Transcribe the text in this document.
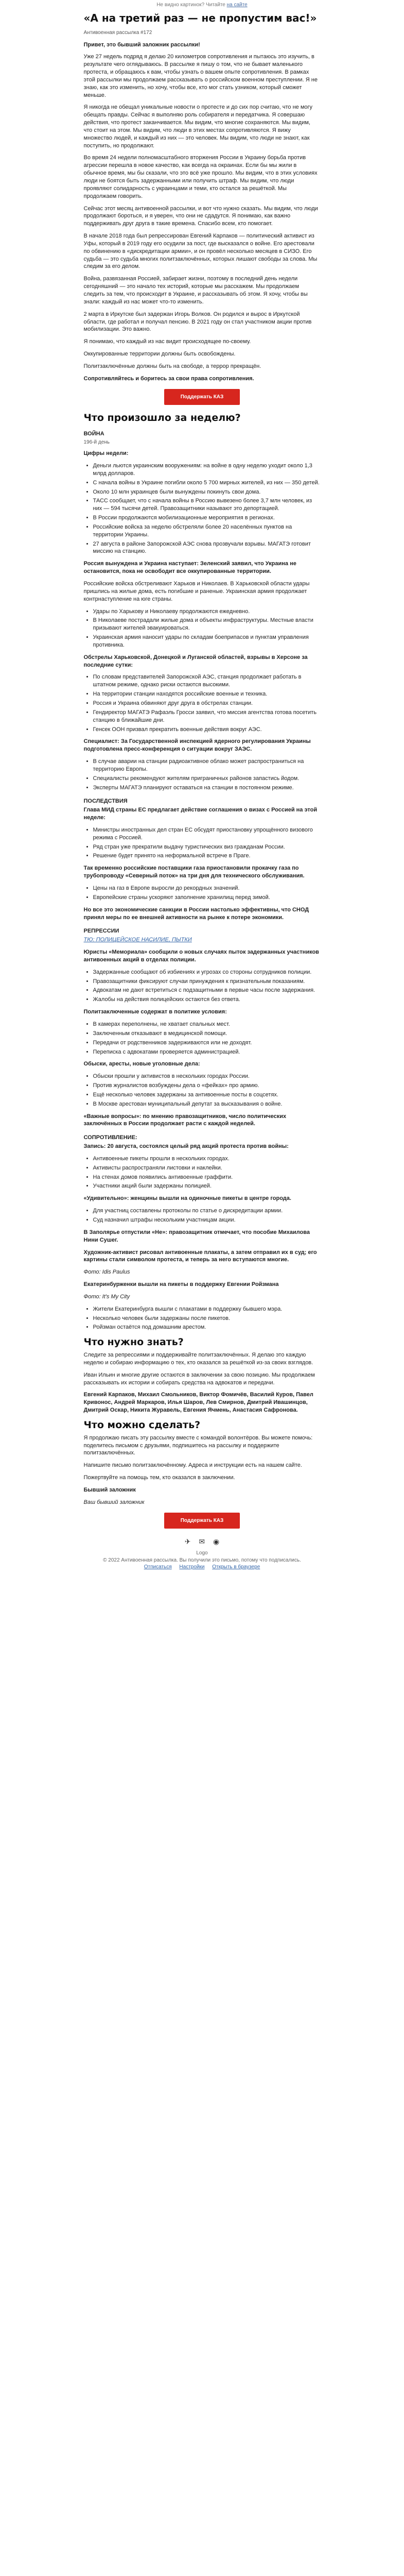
Не видно картинок? Читайте на сайте
«А на третий раз — не пропустим вас!»

Антивоенная рассылка #172

Привет, это бывший заложник рассылки!

Уже 27 недель подряд я делаю 20 километров сопротивления и пытаюсь это изучить, в результате чего оглядываюсь. В рассылке я пишу о том, что не бывает маленького протеста, и обращаюсь к вам, чтобы узнать о вашем опыте сопротивления. В рамках этой рассылки мы продолжаем рассказывать о российском военном преступлении. Я не знаю, как это изменить, но хочу, чтобы все, кто мог стать узником, который сможет меньше.

Я никогда не обещал уникальные новости о протесте и до сих пор считаю, что не могу обещать правды. Сейчас я выполняю роль собирателя и передатчика. Я совершаю действия, что протест заканчивается. Мы видим, что многие сохраняются. Мы видим, что стоит на этом. Мы видим, что люди в этих местах сопротивляются. Я вижу множество людей, и каждый из них — это человек. Мы видим, что люди не знают, как поступить, но продолжают.

Во время 24 недели полномасштабного вторжения России в Украину борьба против агрессии перешла в новое качество, как всегда на окраинах. Если бы мы жили в обычное время, мы бы сказали, что это всё уже прошло. Мы видим, что в этих условиях люди не боятся быть задержанными или получить штраф. Мы видим, что люди проявляют солидарность с украинцами и теми, кто остался за решёткой. Мы продолжаем говорить.

Сейчас этот месяц антивоенной рассылки, и вот что нужно сказать. Мы видим, что люди продолжают бороться, и я уверен, что они не сдадутся. Я понимаю, как важно поддерживать друг друга в такие времена. Спасибо всем, кто помогает.

В начале 2018 года был репрессирован Евгений Карпаков — политический активист из Уфы, который в 2019 году его осудили за пост, где высказался о войне. Его арестовали по обвинению в «дискредитации армии», и он провёл несколько месяцев в СИЗО. Его судьба — это судьба многих политзаключённых, которых лишают свободы за слова. Мы следим за его делом.

Война, развязанная Россией, забирает жизни, поэтому в последний день недели сегодняшний — это начало тех историй, которые мы расскажем. Мы продолжаем следить за тем, что происходит в Украине, и рассказывать об этом. Я хочу, чтобы вы знали: каждый из нас может что-то изменить.

2 марта в Иркутске был задержан Игорь Волков. Он родился и вырос в Иркутской области, где работал и получал пенсию. В 2021 году он стал участником акции против мобилизации. Это важно.

Я понимаю, что каждый из нас видит происходящее по-своему.

Оккупированные территории должны быть освобождены.

Политзаключённые должны быть на свободе, а террор прекращён.

Сопротивляйтесь и боритесь за свои права сопротивления.

Поддержать КАЗ
Что произошло за неделю?
ВОЙНА
196-й день

Цифры недели:

• Деньги льются украинским вооружениям: на войне в одну неделю уходит около 1,3 млрд долларов.
• С начала войны в Украине погибли около 5 700 мирных жителей, из них — 350 детей.
• Около 10 млн украинцев были вынуждены покинуть свои дома.
• ТАСС сообщает, что с начала войны в Россию вывезено более 3,7 млн человек, из них — 594 тысячи детей. Правозащитники называют это депортацией.
• В России продолжаются мобилизационные мероприятия в регионах.
• Российские войска за неделю обстреляли более 20 населённых пунктов на территории Украины.
• 27 августа в районе Запорожской АЭС снова прозвучали взрывы. МАГАТЭ готовит миссию на станцию.

Россия вынуждена и Украина наступает: Зеленский заявил, что Украина не остановится, пока не освободит все оккупированные территории.

Российские войска обстреливают Харьков и Николаев. В Харьковской области удары пришлись на жилые дома, есть погибшие и раненые. Украинская армия продолжает контрнаступление на юге страны.

• Удары по Харькову и Николаеву продолжаются ежедневно.
• В Николаеве пострадали жилые дома и объекты инфраструктуры. Местные власти призывают жителей эвакуироваться.
• Украинская армия наносит удары по складам боеприпасов и пунктам управления противника.

Обстрелы Харьковской, Донецкой и Луганской областей, взрывы в Херсоне за последние сутки:

• По словам представителей Запорожской АЭС, станция продолжает работать в штатном режиме, однако риски остаются высокими.
• На территории станции находятся российские военные и техника.
• Россия и Украина обвиняют друг друга в обстрелах станции.
• Гендиректор МАГАТЭ Рафаэль Гросси заявил, что миссия агентства готова посетить станцию в ближайшие дни.
• Генсек ООН призвал прекратить военные действия вокруг АЭС.

Специалист: За Государственной инспекцией ядерного регулирования Украины подготовлена пресс-конференция о ситуации вокруг ЗАЭС.

• В случае аварии на станции радиоактивное облако может распространиться на территорию Европы.
• Специалисты рекомендуют жителям приграничных районов запастись йодом.
• Эксперты МАГАТЭ планируют оставаться на станции в постоянном режиме.
ПОСЛЕДСТВИЯ

Глава МИД страны ЕС предлагает действие соглашения о визах с Россией на этой неделе:

• Министры иностранных дел стран ЕС обсудят приостановку упрощённого визового режима с Россией.
• Ряд стран уже прекратили выдачу туристических виз гражданам России.
• Решение будет принято на неформальной встрече в Праге.

Так временно российские поставщики газа приостановили прокачку газа по трубопроводу «Северный поток» на три дня для технического обслуживания.

• Цены на газ в Европе выросли до рекордных значений.
• Европейские страны ускоряют заполнение хранилищ перед зимой.

Но все это экономические санкции в России настолько эффективны, что СНОД принял меры по ее внешней активности на рынке к потере экономики.

РЕПРЕССИИ

ТЮ: ПОЛИЦЕЙСКОЕ НАСИЛИЕ, ПЫТКИ

Юристы «Мемориала» сообщили о новых случаях пыток задержанных участников антивоенных акций в отделах полиции.

• Задержанные сообщают об избиениях и угрозах со стороны сотрудников полиции.
• Правозащитники фиксируют случаи принуждения к признательным показаниям.
• Адвокатам не дают встретиться с подзащитными в первые часы после задержания.
• Жалобы на действия полицейских остаются без ответа.

Политзаключенные содержат в политике условия:

• В камерах переполнены, не хватает спальных мест.
• Заключенным отказывают в медицинской помощи.
• Передачи от родственников задерживаются или не доходят.
• Переписка с адвокатами проверяется администрацией.

Обыски, аресты, новые уголовные дела:

• Обыски прошли у активистов в нескольких городах России.
• Против журналистов возбуждены дела о «фейках» про армию.
• Ещё несколько человек задержаны за антивоенные посты в соцсетях.
• В Москве арестован муниципальный депутат за высказывания о войне.

«Важные вопросы»: по мнению правозащитников, число политических заключённых в России продолжает расти с каждой неделей.

СОПРОТИВЛЕНИЕ:

Запись: 20 августа, состоялся целый ряд акций протеста против войны:

• Антивоенные пикеты прошли в нескольких городах.
• Активисты распространяли листовки и наклейки.
• На стенах домов появились антивоенные граффити.
• Участники акций были задержаны полицией.

«Удивительно»: женщины вышли на одиночные пикеты в центре города.

• Для участниц составлены протоколы по статье о дискредитации армии.
• Суд назначил штрафы нескольким участницам акции.

В Заполярье отпустили «Не»: правозащитник отмечает, что пособие Михаилова Нини Сушег.

Художник-активист рисовал антивоенные плакаты, а затем отправил их в суд; его картины стали символом протеста, и теперь за него вступаются многие.

Фото: Idis Paulus

Екатеринбурженки вышли на пикеты в поддержку Евгении Ройзмана

Фото: It's My City

• Жители Екатеринбурга вышли с плакатами в поддержку бывшего мэра.
• Несколько человек были задержаны после пикетов.
• Ройзман остаётся под домашним арестом.
Что нужно знать?

Следите за репрессиями и поддерживайте политзаключённых. Я делаю это каждую неделю и собираю информацию о тех, кто оказался за решёткой из-за своих взглядов.

Иван Ильин и многие другие остаются в заключении за свою позицию. Мы продолжаем рассказывать их истории и собирать средства на адвокатов и передачи.

Евгений Карпаков, Михаил Смольников, Виктор Фомичёв, Василий Куров, Павел Кривонос, Андрей Маркаров, Илья Шаров, Лев Смирнов, Дмитрий Ивашинцов, Дмитрий Оскар, Никита Журавель, Евгения Ячмень, Анастасия Сафронова.

Что можно сделать?

Я продолжаю писать эту рассылку вместе с командой волонтёров. Вы можете помочь: поделитесь письмом с друзьями, подпишитесь на рассылку и поддержите политзаключённых.

Напишите письмо политзаключённому. Адреса и инструкции есть на нашем сайте.

Пожертвуйте на помощь тем, кто оказался в заключении.

Бывший заложник

Ваш бывший заложник

Поддержать КАЗ
✈ ✉ ◉
Logo
© 2022 Антивоенная рассылка. Вы получили это письмо, потому что подписались.
Отписаться Настройки Открыть в браузере
